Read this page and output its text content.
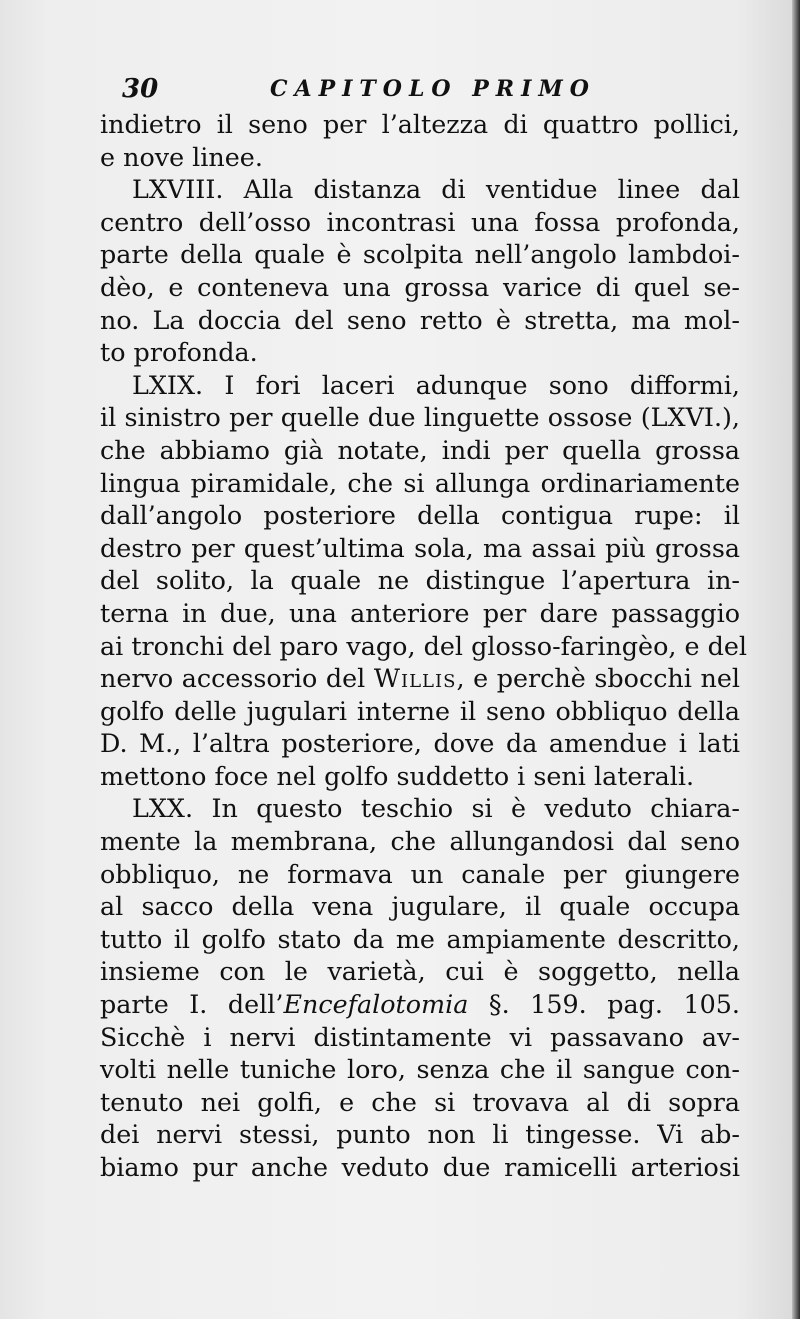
30	CAPITOLO PRIMO
indietro il seno per l’altezza di quattro pollici,
e nove linee.
LXVIII. Alla distanza di ventidue linee dal
centro dell’osso incontrasi una fossa profonda,
parte della quale è scolpita nell’angolo lambdoi-
dèo, e conteneva una grossa varice di quel se-
no. La doccia del seno retto è stretta, ma mol-
to profonda.
LXIX. I fori laceri adunque sono difformi,
il sinistro per quelle due linguette ossose (LXVI.),
che abbiamo già notate, indi per quella grossa
lingua piramidale, che si allunga ordinariamente
dall’angolo posteriore della contigua rupe: il
destro per quest’ultima sola, ma assai più grossa
del solito, la quale ne distingue l’apertura in-
terna in due, una anteriore per dare passaggio
ai tronchi del paro vago, del glosso-faringèo, e del
nervo accessorio del Willis, e perchè sbocchi nel
golfo delle jugulari interne il seno obbliquo della
D. M., l’altra posteriore, dove da amendue i lati
mettono foce nel golfo suddetto i seni laterali.
LXX. In questo teschio si è veduto chiara-
mente la membrana, che allungandosi dal seno
obbliquo, ne formava un canale per giungere
al sacco della vena jugulare, il quale occupa
tutto il golfo stato da me ampiamente descritto,
insieme con le varietà, cui è soggetto, nella
parte I. dell’Encefalotomia §. 159. pag. 105.
Sicchè i nervi distintamente vi passavano av-
volti nelle tuniche loro, senza che il sangue con-
tenuto nei golfi, e che si trovava al di sopra
dei nervi stessi, punto non li tingesse. Vi ab-
biamo pur anche veduto due ramicelli arteriosi
